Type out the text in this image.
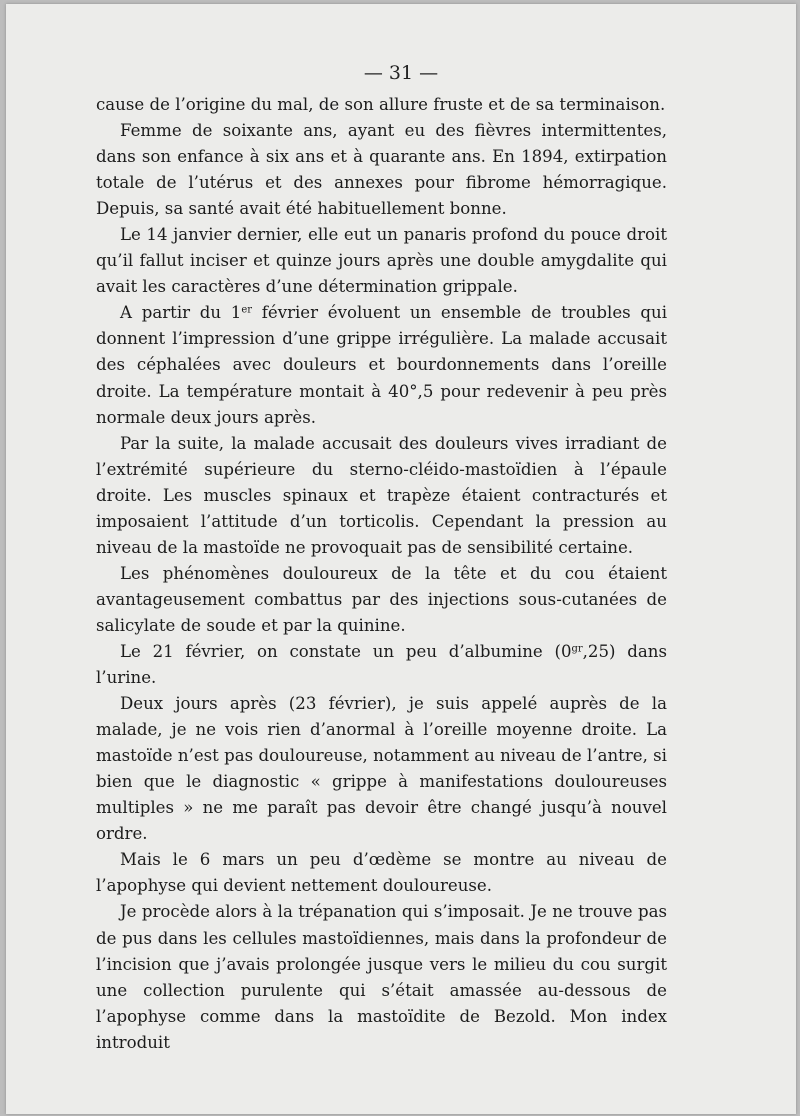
— 31 —

cause de l’origine du mal, de son allure fruste et de sa terminaison.

Femme de soixante ans, ayant eu des fièvres intermittentes, dans son enfance à six ans et à quarante ans. En 1894, extirpation totale de l’utérus et des annexes pour fibrome hémorragique. Depuis, sa santé avait été habituellement bonne.

Le 14 janvier dernier, elle eut un panaris profond du pouce droit qu’il fallut inciser et quinze jours après une double amygdalite qui avait les caractères d’une détermination grippale.

A partir du 1er février évoluent un ensemble de troubles qui donnent l’impression d’une grippe irrégulière. La malade accusait des céphalées avec douleurs et bourdonnements dans l’oreille droite. La température montait à 40°,5 pour redevenir à peu près normale deux jours après.

Par la suite, la malade accusait des douleurs vives irradiant de l’extrémité supérieure du sterno-cléido-mastoïdien à l’épaule droite. Les muscles spinaux et trapèze étaient contracturés et imposaient l’attitude d’un torticolis. Cependant la pression au niveau de la mastoïde ne provoquait pas de sensibilité certaine.

Les phénomènes douloureux de la tête et du cou étaient avantageusement combattus par des injections sous-cutanées de salicylate de soude et par la quinine.

Le 21 février, on constate un peu d’albumine $(0^{gr},25)$ dans l’urine.

Deux jours après (23 février), je suis appelé auprès de la malade, je ne vois rien d’anormal à l’oreille moyenne droite. La mastoïde n’est pas douloureuse, notamment au niveau de l’antre, si bien que le diagnostic « grippe à manifestations douloureuses multiples » ne me paraît pas devoir être changé jusqu’à nouvel ordre.

Mais le 6 mars un peu d’œdème se montre au niveau de l’apophyse qui devient nettement douloureuse.

Je procède alors à la trépanation qui s’imposait. Je ne trouve pas de pus dans les cellules mastoïdiennes, mais dans la profondeur de l’incision que j’avais prolongée jusque vers le milieu du cou surgit une collection purulente qui s’était amassée au-dessous de l’apophyse comme dans la mastoïdite de Bezold. Mon index introduit
